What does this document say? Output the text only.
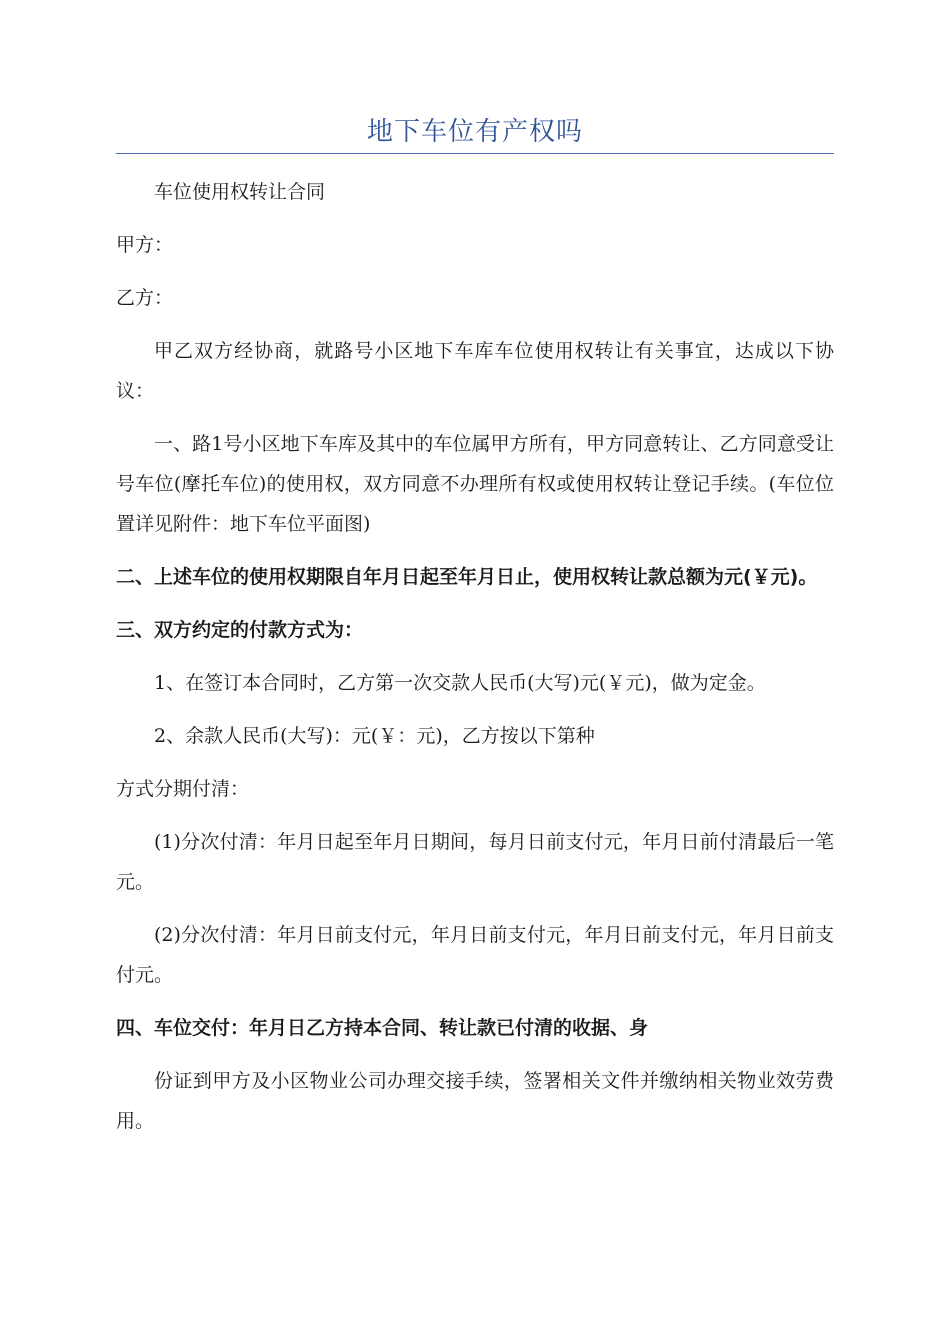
地下车位有产权吗

车位使用权转让合同

甲方：

乙方：

甲乙双方经协商，就路号小区地下车库车位使用权转让有关事宜，达成以下协议：

一、路1号小区地下车库及其中的车位属甲方所有，甲方同意转让、乙方同意受让号车位(摩托车位)的使用权，双方同意不办理所有权或使用权转让登记手续。(车位位置详见附件：地下车位平面图)

二、上述车位的使用权期限自年月日起至年月日止，使用权转让款总额为元(￥元)。

三、双方约定的付款方式为：

1、在签订本合同时，乙方第一次交款人民币(大写)元(￥元)，做为定金。

2、余款人民币(大写)：元(￥：元)，乙方按以下第种

方式分期付清：

(1)分次付清：年月日起至年月日期间，每月日前支付元，年月日前付清最后一笔元。

(2)分次付清：年月日前支付元，年月日前支付元，年月日前支付元，年月日前支付元。

四、车位交付：年月日乙方持本合同、转让款已付清的收据、身

份证到甲方及小区物业公司办理交接手续，签署相关文件并缴纳相关物业效劳费用。
